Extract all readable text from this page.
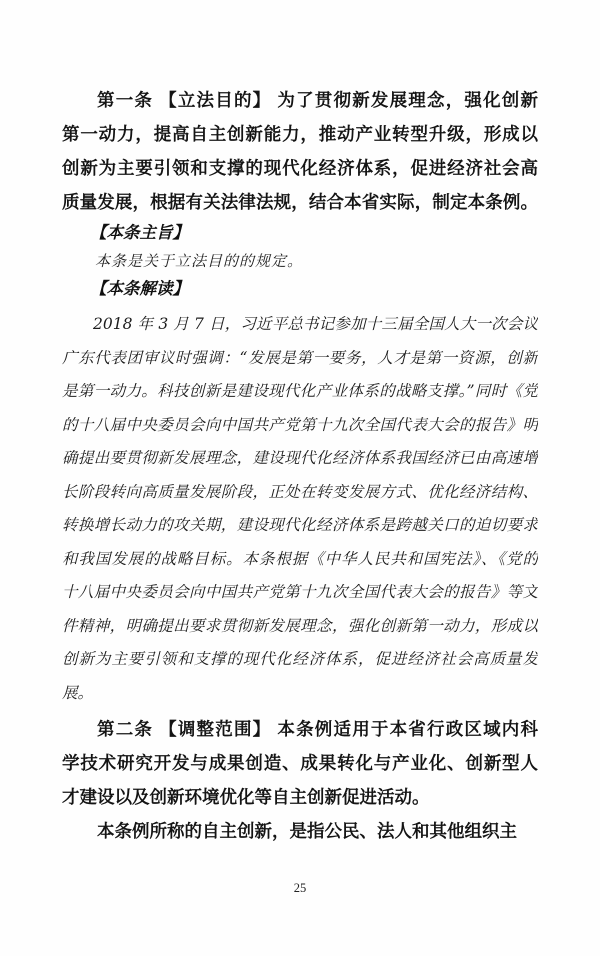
第一条 【立法目的】 为了贯彻新发展理念，强化创新
第一动力，提高自主创新能力，推动产业转型升级，形成以
创新为主要引领和支撑的现代化经济体系，促进经济社会高
质量发展，根据有关法律法规，结合本省实际，制定本条例。
【本条主旨】
本条是关于立法目的的规定。
【本条解读】
2018 年 3 月 7 日，习近平总书记参加十三届全国人大一次会议
广东代表团审议时强调：“发展是第一要务，人才是第一资源，创新
是第一动力。科技创新是建设现代化产业体系的战略支撑。”同时《党
的十八届中央委员会向中国共产党第十九次全国代表大会的报告》明
确提出要贯彻新发展理念，建设现代化经济体系我国经济已由高速增
长阶段转向高质量发展阶段，正处在转变发展方式、优化经济结构、
转换增长动力的攻关期，建设现代化经济体系是跨越关口的迫切要求
和我国发展的战略目标。本条根据《中华人民共和国宪法》、《党的
十八届中央委员会向中国共产党第十九次全国代表大会的报告》等文
件精神，明确提出要求贯彻新发展理念，强化创新第一动力，形成以
创新为主要引领和支撑的现代化经济体系，促进经济社会高质量发
展。
第二条 【调整范围】 本条例适用于本省行政区域内科
学技术研究开发与成果创造、成果转化与产业化、创新型人
才建设以及创新环境优化等自主创新促进活动。
本条例所称的自主创新，是指公民、法人和其他组织主
25
